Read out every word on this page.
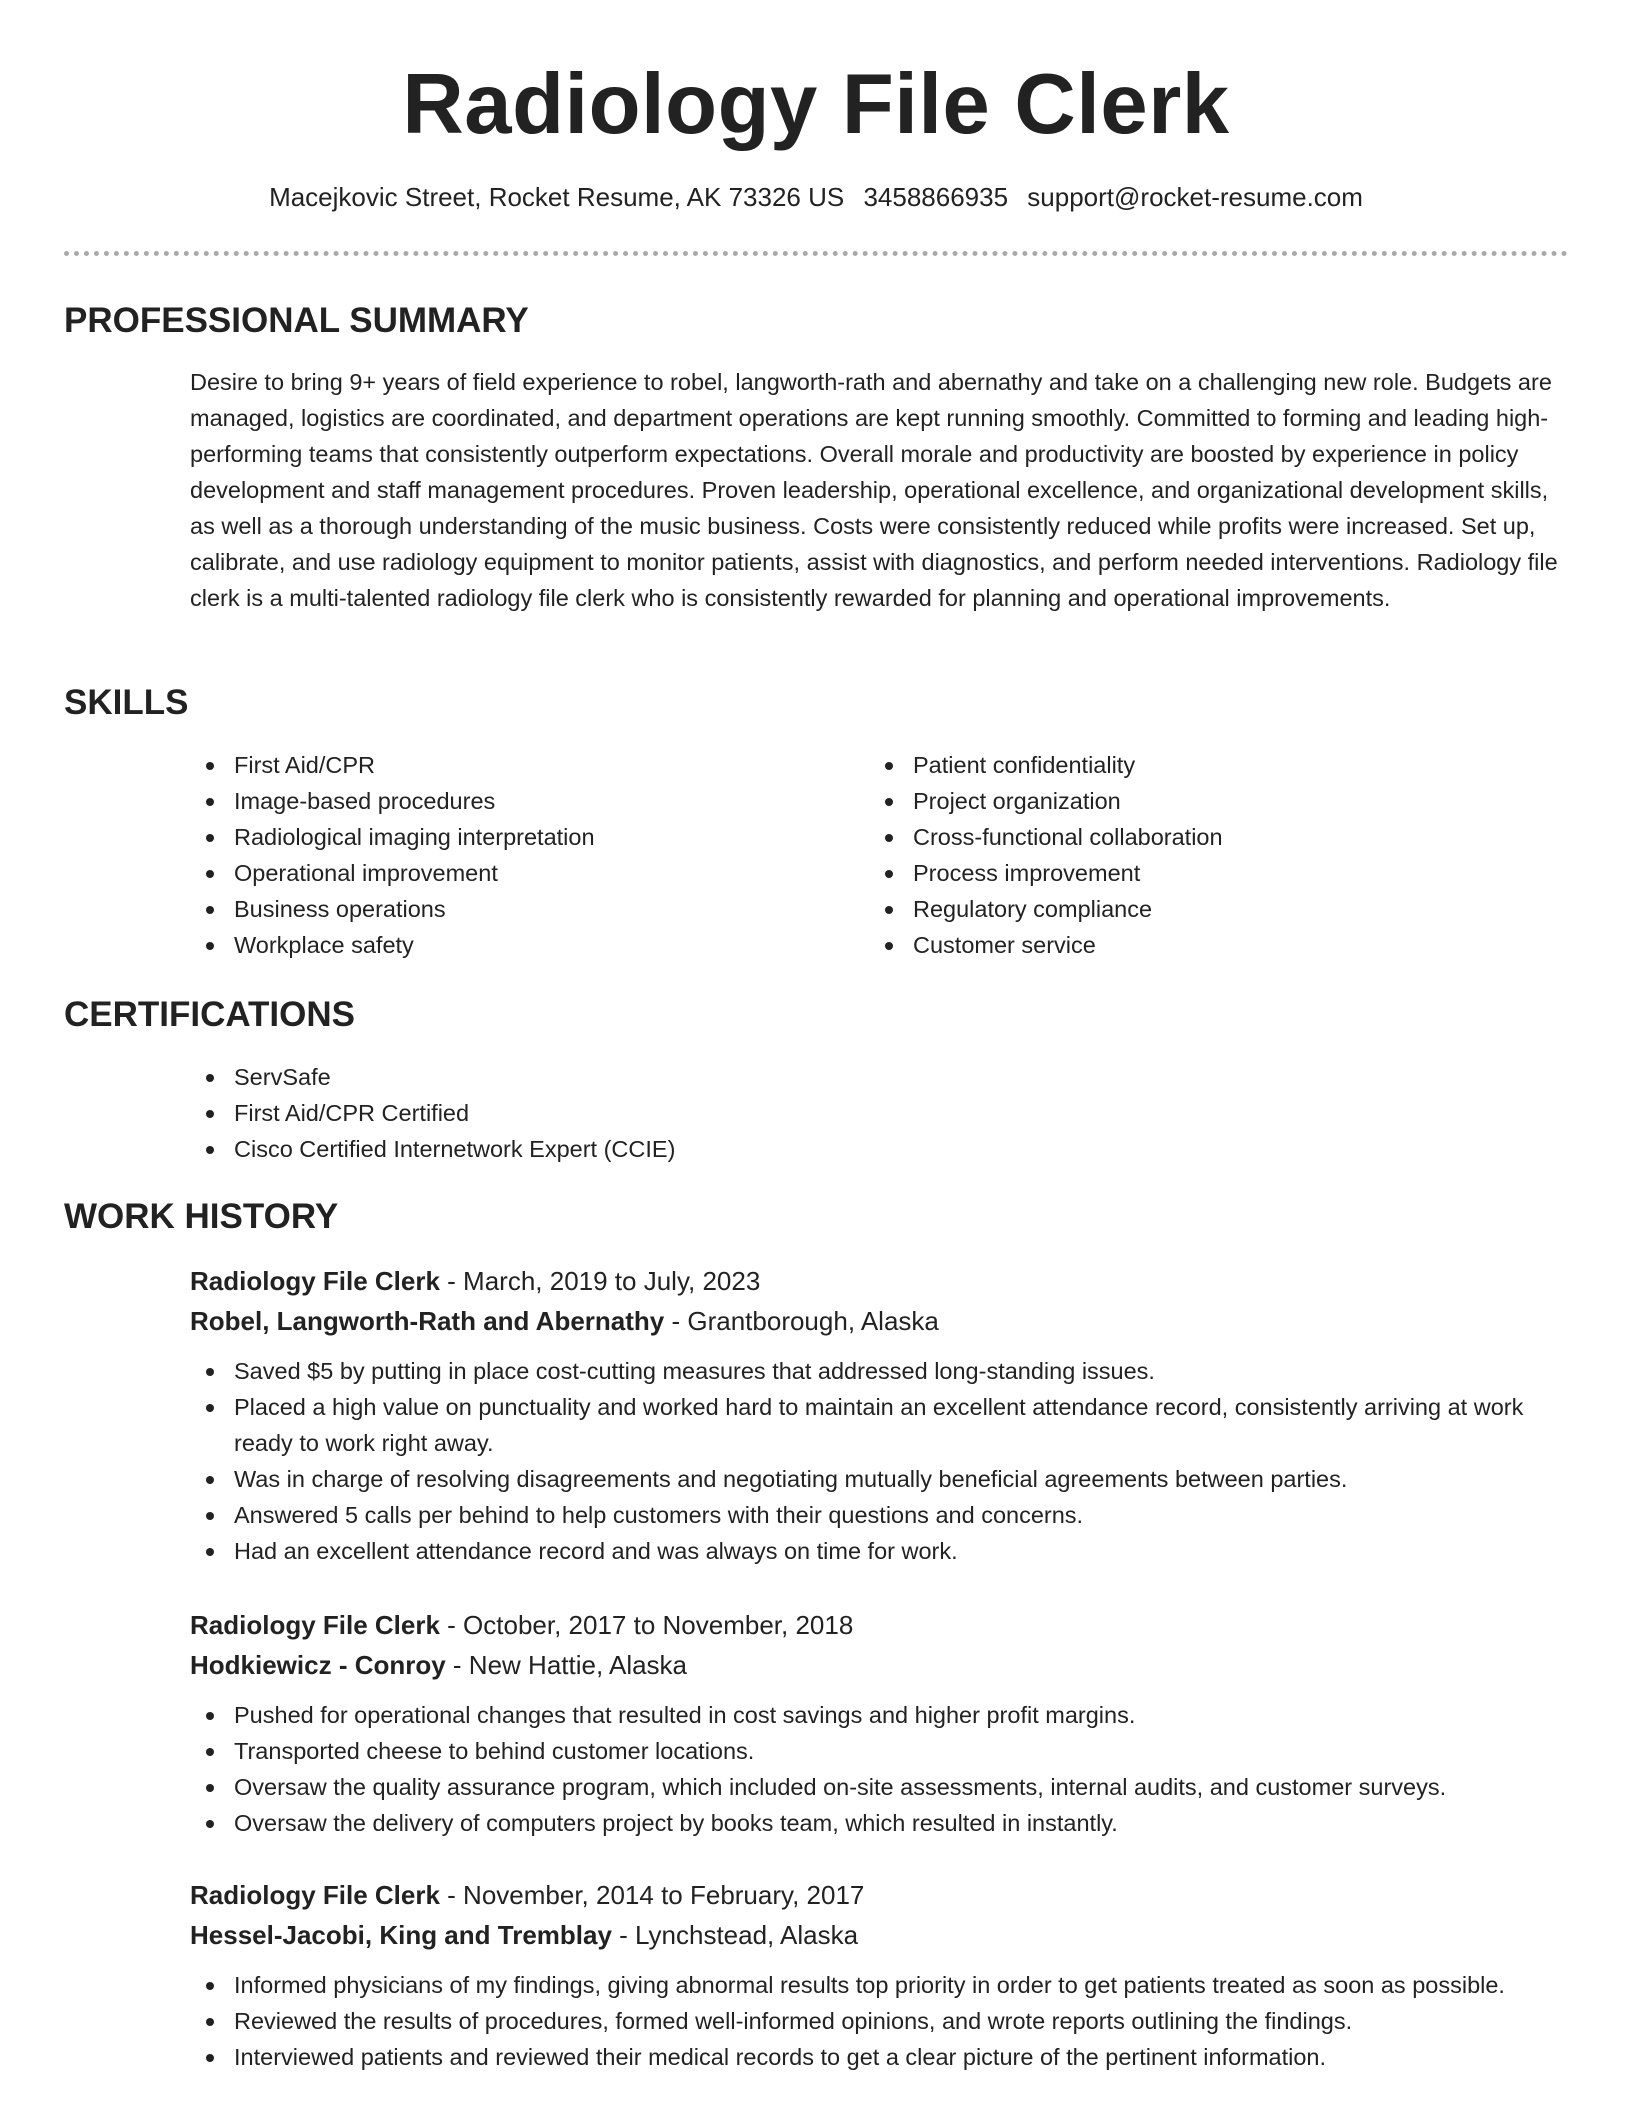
Radiology File Clerk
Macejkovic Street, Rocket Resume, AK 73326 US 3458866935 support@rocket-resume.com
PROFESSIONAL SUMMARY

Desire to bring 9+ years of field experience to robel, langworth-rath and abernathy and take on a challenging new role. Budgets are managed, logistics are coordinated, and department operations are kept running smoothly. Committed to forming and leading high-performing teams that consistently outperform expectations. Overall morale and productivity are boosted by experience in policy development and staff management procedures. Proven leadership, operational excellence, and organizational development skills, as well as a thorough understanding of the music business. Costs were consistently reduced while profits were increased. Set up, calibrate, and use radiology equipment to monitor patients, assist with diagnostics, and perform needed interventions. Radiology file clerk is a multi-talented radiology file clerk who is consistently rewarded for planning and operational improvements.

SKILLS
First Aid/CPR
Image-based procedures
Radiological imaging interpretation
Operational improvement
Business operations
Workplace safety
Patient confidentiality
Project organization
Cross-functional collaboration
Process improvement
Regulatory compliance
Customer service
CERTIFICATIONS
ServSafe
First Aid/CPR Certified
Cisco Certified Internetwork Expert (CCIE)
WORK HISTORY
Radiology File Clerk - March, 2019 to July, 2023
Robel, Langworth-Rath and Abernathy - Grantborough, Alaska
Saved $5 by putting in place cost-cutting measures that addressed long-standing issues.
Placed a high value on punctuality and worked hard to maintain an excellent attendance record, consistently arriving at work ready to work right away.
Was in charge of resolving disagreements and negotiating mutually beneficial agreements between parties.
Answered 5 calls per behind to help customers with their questions and concerns.
Had an excellent attendance record and was always on time for work.
Radiology File Clerk - October, 2017 to November, 2018
Hodkiewicz - Conroy - New Hattie, Alaska
Pushed for operational changes that resulted in cost savings and higher profit margins.
Transported cheese to behind customer locations.
Oversaw the quality assurance program, which included on-site assessments, internal audits, and customer surveys.
Oversaw the delivery of computers project by books team, which resulted in instantly.
Radiology File Clerk - November, 2014 to February, 2017
Hessel-Jacobi, King and Tremblay - Lynchstead, Alaska
Informed physicians of my findings, giving abnormal results top priority in order to get patients treated as soon as possible.
Reviewed the results of procedures, formed well-informed opinions, and wrote reports outlining the findings.
Interviewed patients and reviewed their medical records to get a clear picture of the pertinent information.
